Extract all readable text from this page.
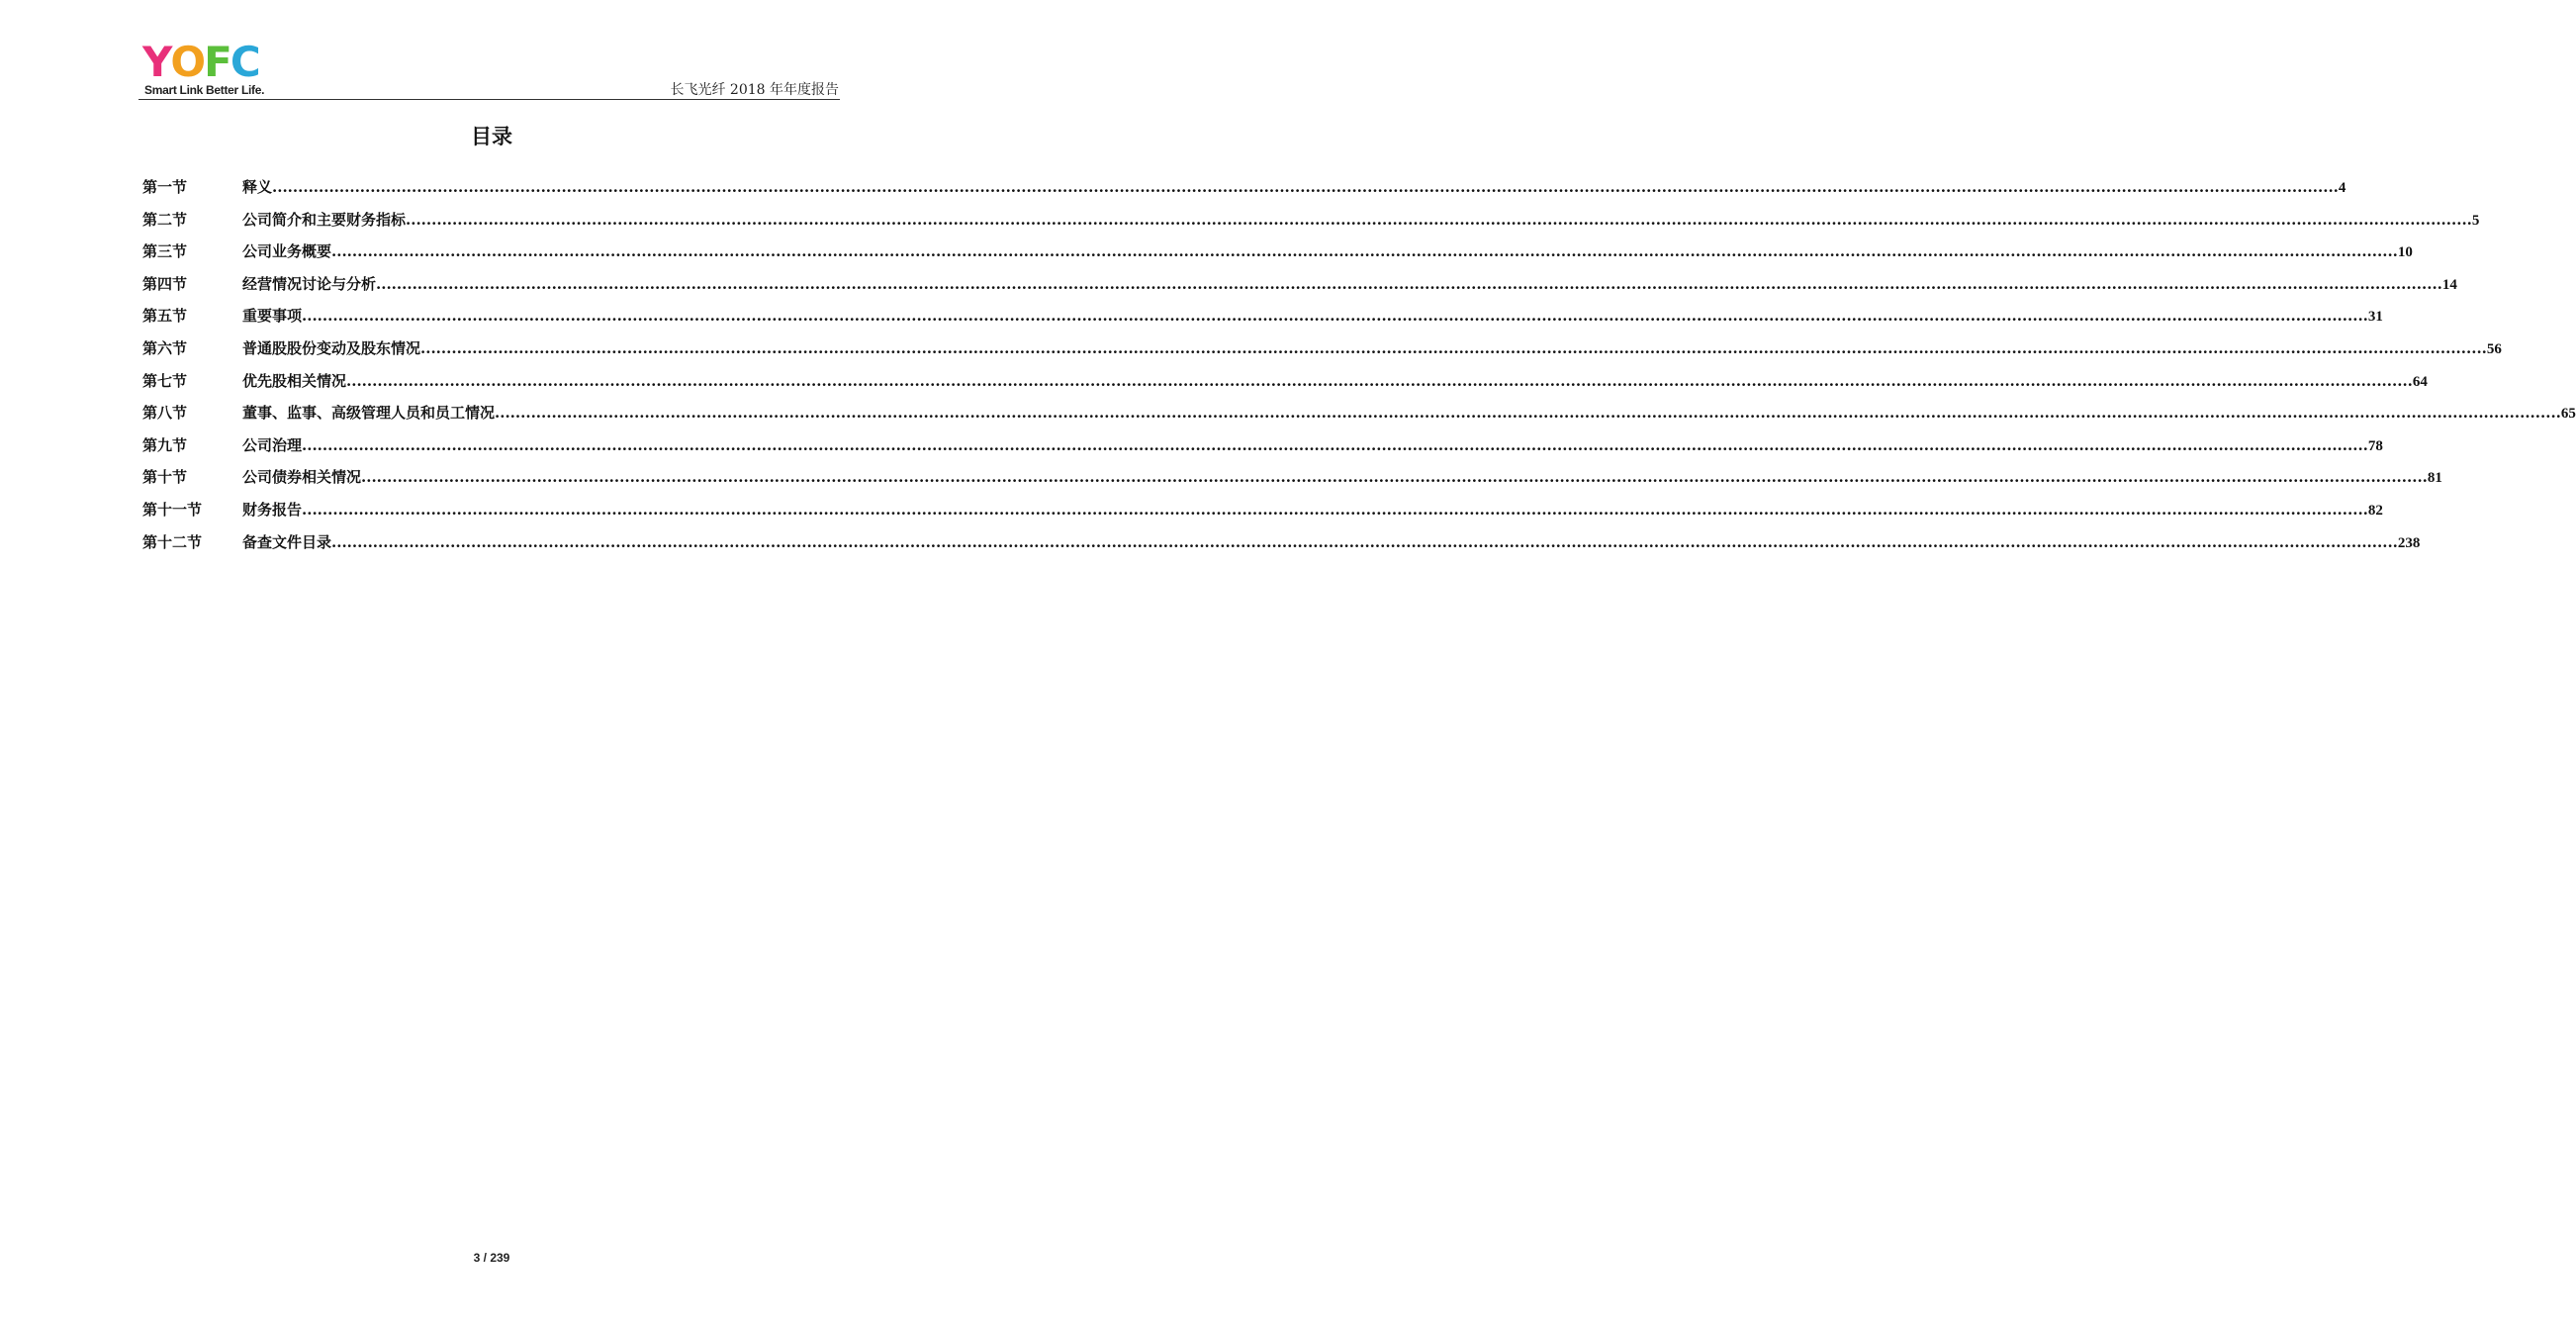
YOFC
Smart Link Better Life.	长飞光纤 2018 年年度报告
目录
第一节	释义 ................................................................................................................................................................................................................................................................................................................................................................................................................ 4
第二节	公司简介和主要财务指标 ................................................................................................................................................................................................................................................................................................................................................................................................................ 5
第三节	公司业务概要 ................................................................................................................................................................................................................................................................................................................................................................................................................ 10
第四节	经营情况讨论与分析 ................................................................................................................................................................................................................................................................................................................................................................................................................ 14
第五节	重要事项 ................................................................................................................................................................................................................................................................................................................................................................................................................ 31
第六节	普通股股份变动及股东情况 ................................................................................................................................................................................................................................................................................................................................................................................................................ 56
第七节	优先股相关情况 ................................................................................................................................................................................................................................................................................................................................................................................................................ 64
第八节	董事、监事、高级管理人员和员工情况 ................................................................................................................................................................................................................................................................................................................................................................................................................ 65
第九节	公司治理 ................................................................................................................................................................................................................................................................................................................................................................................................................ 78
第十节	公司债券相关情况 ................................................................................................................................................................................................................................................................................................................................................................................................................ 81
第十一节	财务报告 ................................................................................................................................................................................................................................................................................................................................................................................................................ 82
第十二节	备查文件目录 ................................................................................................................................................................................................................................................................................................................................................................................................................ 238
3 / 239
